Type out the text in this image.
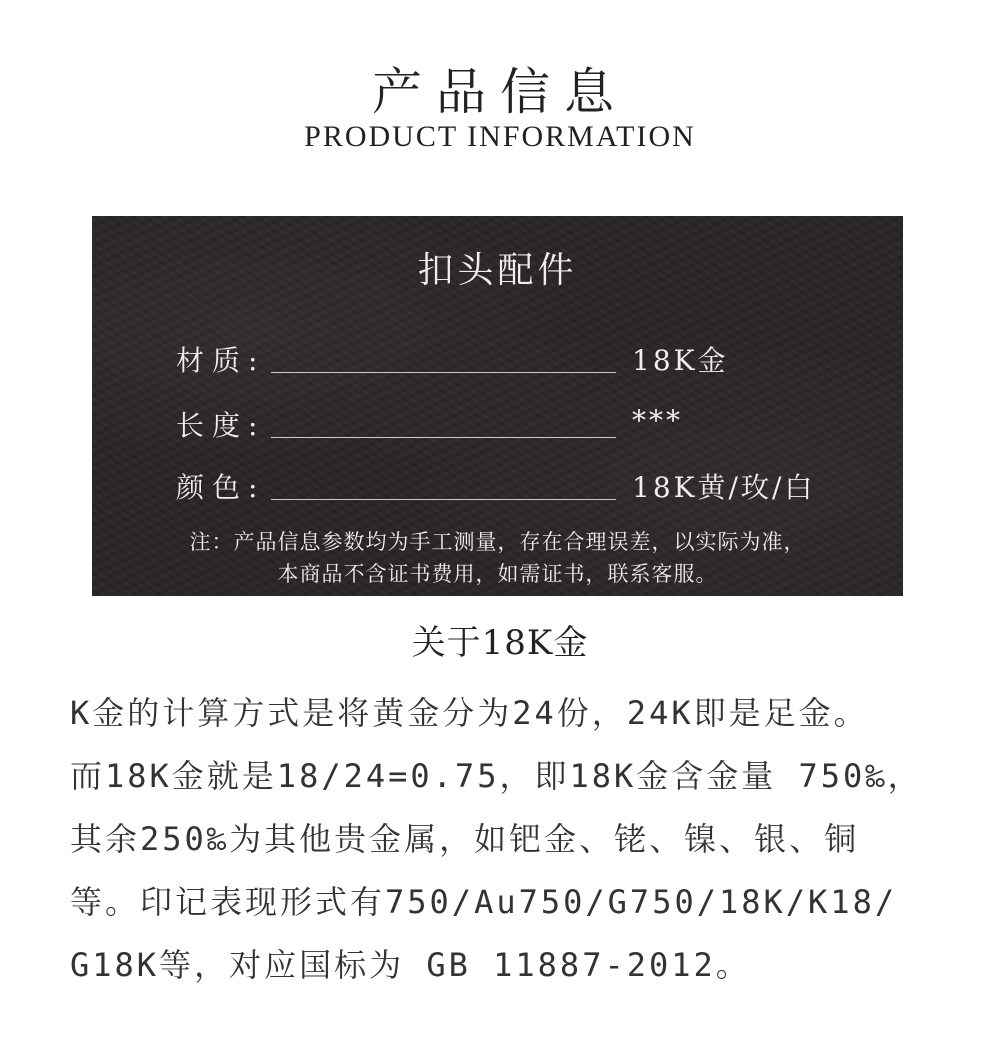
产品信息
PRODUCT INFORMATION
扣头配件
材质:	18K金
长度:	***
颜色:	18K黄/玫/白
注：产品信息参数均为手工测量，存在合理误差，以实际为准，
本商品不含证书费用，如需证书，联系客服。
关于18K金
K金的计算方式是将黄金分为24份，24K即是足金。
而18K金就是18/24=0.75，即18K金含金量 750‰，
其余250‰为其他贵金属，如钯金、铑、镍、银、铜
等。印记表现形式有750/Au750/G750/18K/K18/
G18K等，对应国标为 GB 11887-2012。
